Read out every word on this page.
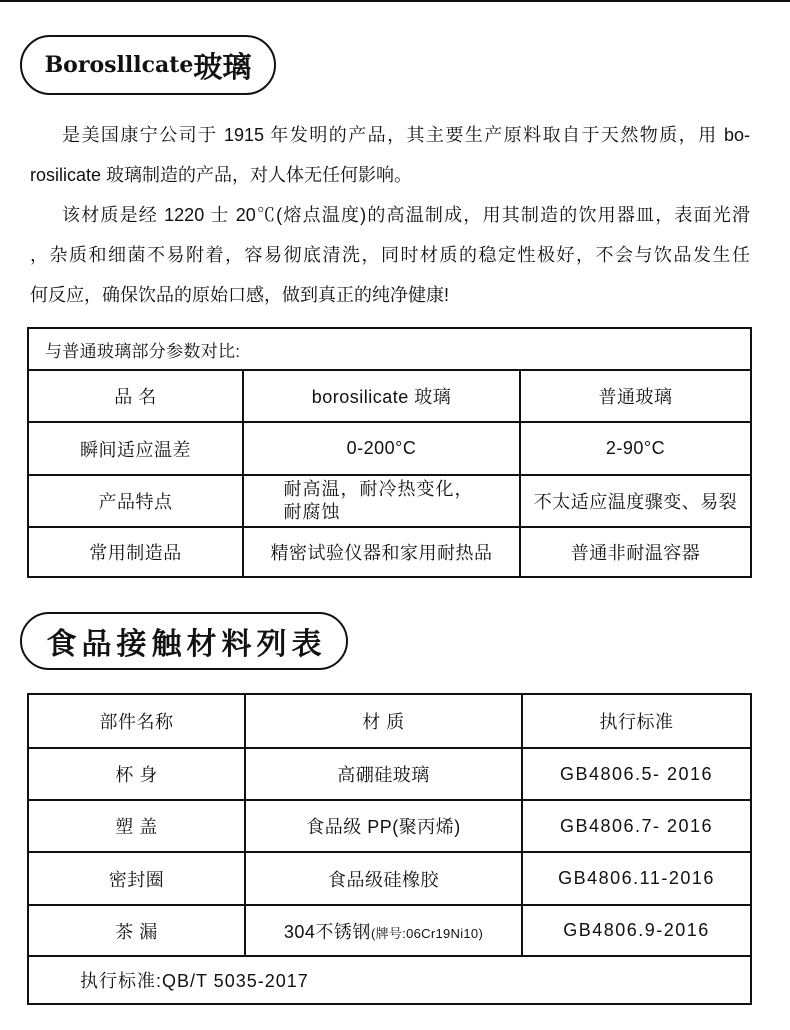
Boroslllcate 玻璃
是美国康宁公司于 1915 年发明的产品，其主要生产原料取自于天然物质，用 bo-
rosilicate 玻璃制造的产品，对人体无任何影响。
该材质是经 1220 士 20℃(熔点温度)的高温制成，用其制造的饮用器皿，表面光滑
，杂质和细菌不易附着，容易彻底清洗，同时材质的稳定性极好，不会与饮品发生任
何反应，确保饮品的原始口感，做到真正的纯净健康!
与普通玻璃部分参数对比:		
品 名	borosilicate 玻璃	普通玻璃
瞬间适应温差	0-200°C	2-90°C
产品特点	耐高温，耐冷热变化，耐腐蚀	不太适应温度骤变、易裂
常用制造品	精密试验仪器和家用耐热品	普通非耐温容器
食品接触材料列表
部件名称	材 质	执行标准
杯 身	高硼硅玻璃	GB4806.5- 2016
塑 盖	食品级 PP(聚丙烯)	GB4806.7- 2016
密封圈	食品级硅橡胶	GB4806.11-2016
茶 漏	304不锈钢(牌号:06Cr19Ni10)	GB4806.9-2016
执行标准:QB/T 5035-2017		
